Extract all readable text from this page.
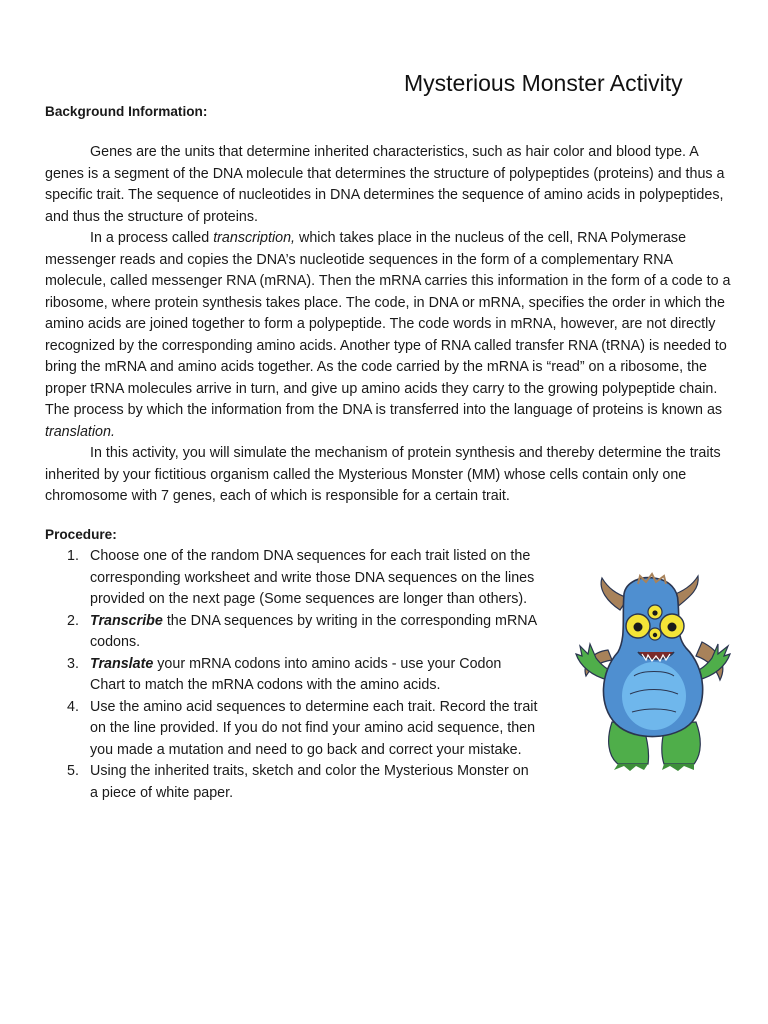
Mysterious Monster Activity
Background Information:

Genes are the units that determine inherited characteristics, such as hair color and blood type. A genes is a segment of the DNA molecule that determines the structure of polypeptides (proteins) and thus a specific trait. The sequence of nucleotides in DNA determines the sequence of amino acids in polypeptides, and thus the structure of proteins.

In a process called transcription, which takes place in the nucleus of the cell, RNA Polymerase messenger reads and copies the DNA’s nucleotide sequences in the form of a complementary RNA molecule, called messenger RNA (mRNA). Then the mRNA carries this information in the form of a code to a ribosome, where protein synthesis takes place. The code, in DNA or mRNA, specifies the order in which the amino acids are joined together to form a polypeptide. The code words in mRNA, however, are not directly recognized by the corresponding amino acids. Another type of RNA called transfer RNA (tRNA) is needed to bring the mRNA and amino acids together. As the code carried by the mRNA is “read” on a ribosome, the proper tRNA molecules arrive in turn, and give up amino acids they carry to the growing polypeptide chain. The process by which the information from the DNA is transferred into the language of proteins is known as translation.

In this activity, you will simulate the mechanism of protein synthesis and thereby determine the traits inherited by your fictitious organism called the Mysterious Monster (MM) whose cells contain only one chromosome with 7 genes, each of which is responsible for a certain trait.

Procedure:
1. Choose one of the random DNA sequences for each trait listed on the corresponding worksheet and write those DNA sequences on the lines provided on the next page (Some sequences are longer than others).
2. Transcribe the DNA sequences by writing in the corresponding mRNA codons.
3. Translate your mRNA codons into amino acids - use your Codon Chart to match the mRNA codons with the amino acids.
4. Use the amino acid sequences to determine each trait. Record the trait on the line provided. If you do not find your amino acid sequence, then you made a mutation and need to go back and correct your mistake.
5. Using the inherited traits, sketch and color the Mysterious Monster on a piece of white paper.
